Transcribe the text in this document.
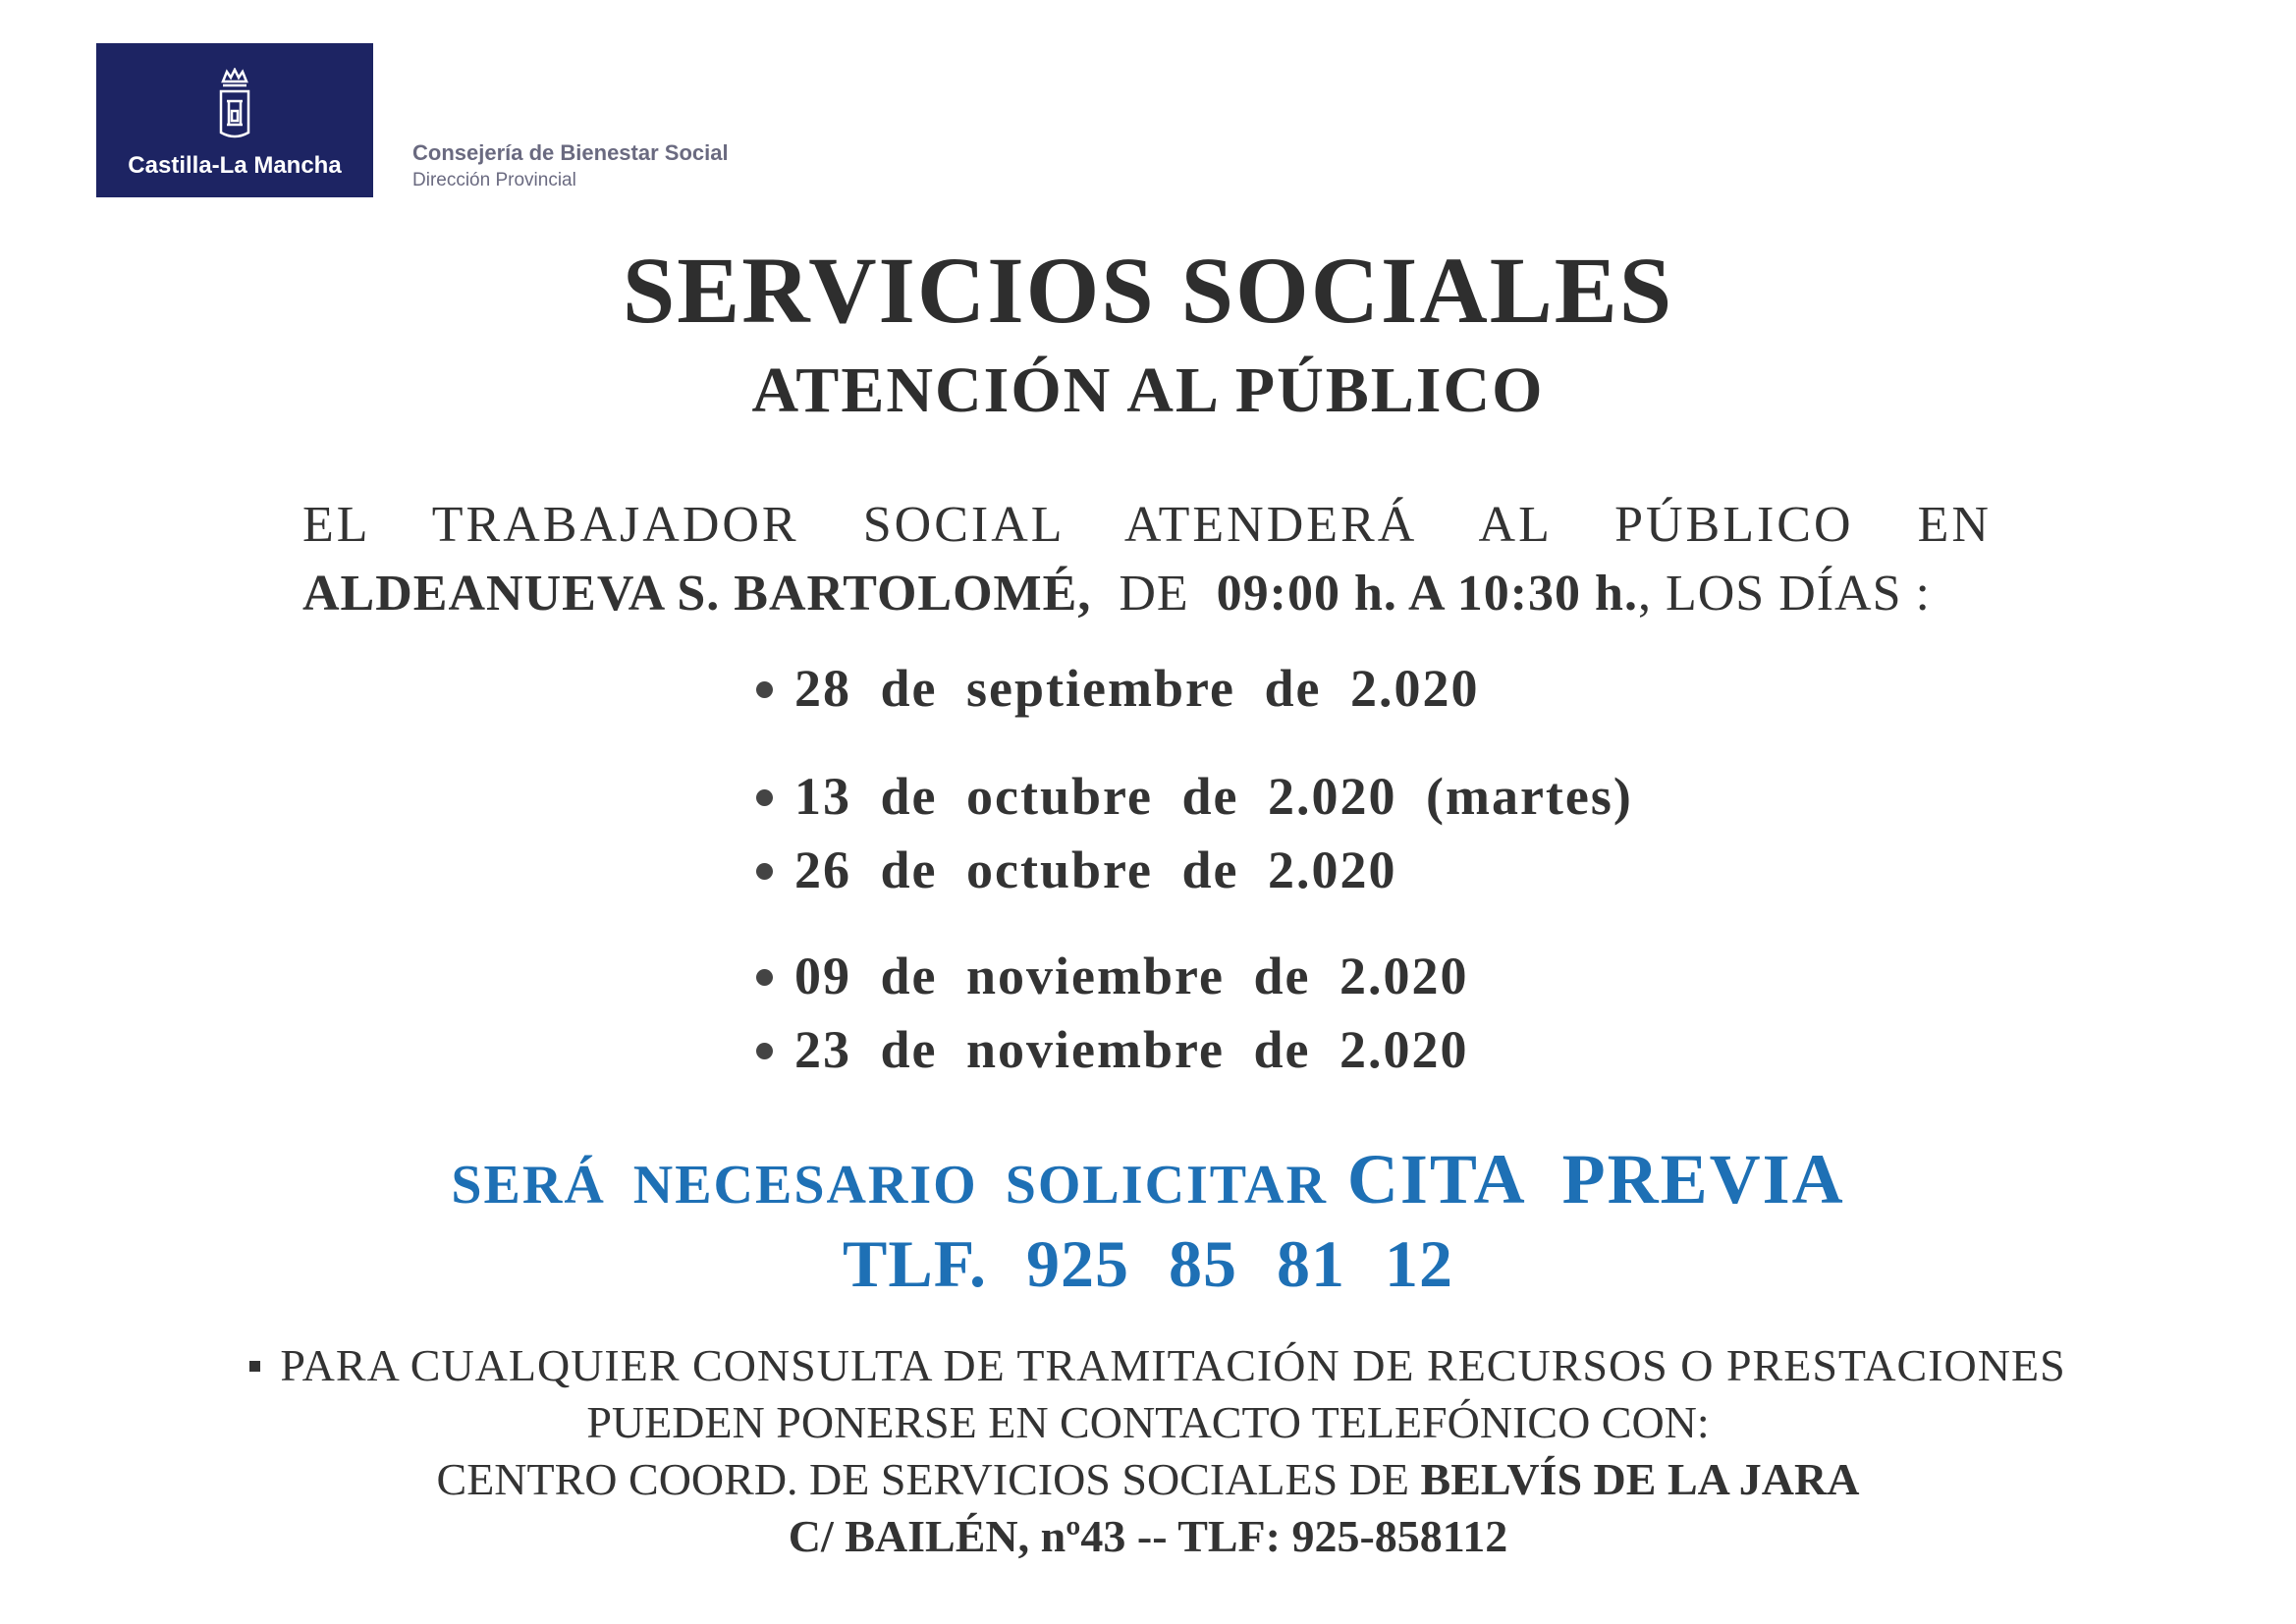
Castilla-La Mancha	Consejería de Bienestar Social
Dirección Provincial
SERVICIOS SOCIALES
ATENCIÓN AL PÚBLICO
EL TRABAJADOR SOCIAL ATENDERÁ AL PÚBLICO EN
ALDEANUEVA S. BARTOLOMÉ, DE 09:00 h. A 10:30 h., LOS DÍAS :
28 de septiembre de 2.020
13 de octubre de 2.020 (martes)
26 de octubre de 2.020
09 de noviembre de 2.020
23 de noviembre de 2.020
SERÁ NECESARIO SOLICITAR CITA PREVIA
TLF. 925 85 81 12
PARA CUALQUIER CONSULTA DE TRAMITACIÓN DE RECURSOS O PRESTACIONES
PUEDEN PONERSE EN CONTACTO TELEFÓNICO CON:
CENTRO COORD. DE SERVICIOS SOCIALES DE BELVÍS DE LA JARA
C/ BAILÉN, nº43 -- TLF: 925-858112
